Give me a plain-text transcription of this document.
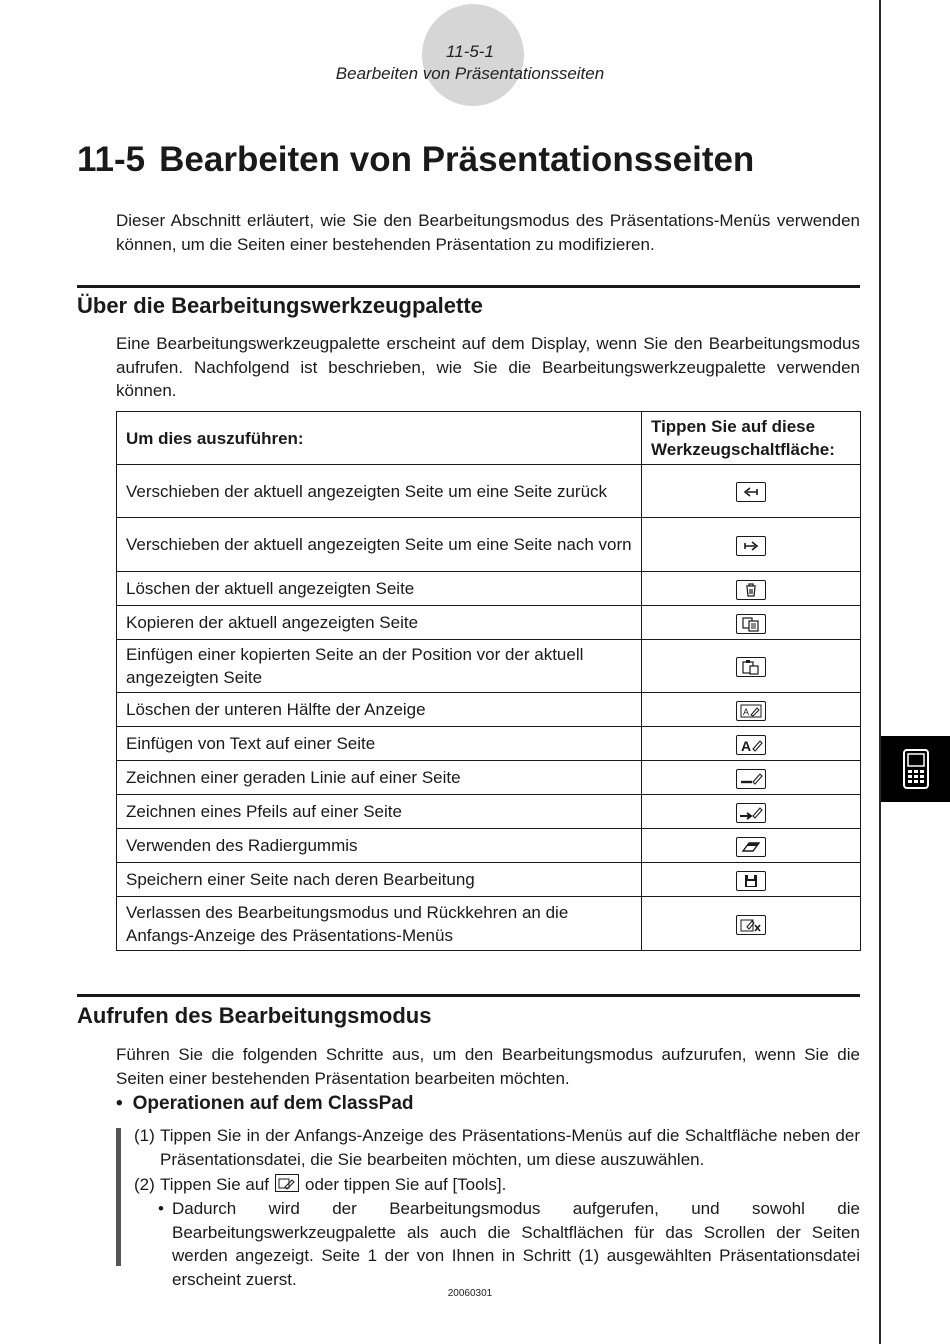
11-5-1
Bearbeiten von Präsentationsseiten
11-5 Bearbeiten von Präsentationsseiten
Dieser Abschnitt erläutert, wie Sie den Bearbeitungsmodus des Präsentations-Menüs verwenden können, um die Seiten einer bestehenden Präsentation zu modifizieren.
Über die Bearbeitungswerkzeugpalette
Eine Bearbeitungswerkzeugpalette erscheint auf dem Display, wenn Sie den Bearbeitungsmodus aufrufen. Nachfolgend ist beschrieben, wie Sie die Bearbeitungswerkzeugpalette verwenden können.
Um dies auszuführen:	Tippen Sie auf diese Werkzeugschaltfläche:
Verschieben der aktuell angezeigten Seite um eine Seite zurück	

Verschieben der aktuell angezeigten Seite um eine Seite nach vorn	

Löschen der aktuell angezeigten Seite	

Kopieren der aktuell angezeigten Seite	

Einfügen einer kopierten Seite an der Position vor der aktuell angezeigten Seite	

Löschen der unteren Hälfte der Anzeige	A

Einfügen von Text auf einer Seite	A

Zeichnen einer geraden Linie auf einer Seite	

Zeichnen eines Pfeils auf einer Seite	

Verwenden des Radiergummis	

Speichern einer Seite nach deren Bearbeitung	

Verlassen des Bearbeitungsmodus und Rückkehren an die Anfangs-Anzeige des Präsentations-Menüs	
Aufrufen des Bearbeitungsmodus
Führen Sie die folgenden Schritte aus, um den Bearbeitungsmodus aufzurufen, wenn Sie die Seiten einer bestehenden Präsentation bearbeiten möchten.
• Operationen auf dem ClassPad
(1) Tippen Sie in der Anfangs-Anzeige des Präsentations-Menüs auf die Schaltfläche neben der Präsentationsdatei, die Sie bearbeiten möchten, um diese auszuwählen.
(2) Tippen Sie auf oder tippen Sie auf [Tools].
• Dadurch wird der Bearbeitungsmodus aufgerufen, und sowohl die Bearbeitungswerkzeugpalette als auch die Schaltflächen für das Scrollen der Seiten werden angezeigt. Seite 1 der von Ihnen in Schritt (1) ausgewählten Präsentationsdatei erscheint zuerst.
20060301
